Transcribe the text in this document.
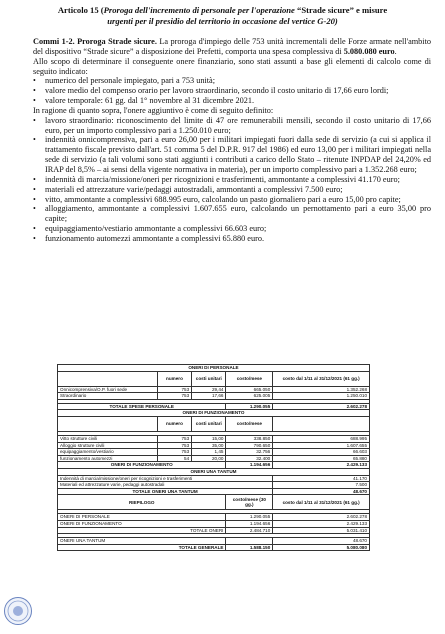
Articolo 15 (Proroga dell'incremento di personale per l'operazione “Strade sicure” e misure
urgenti per il presidio del territorio in occasione del vertice G-20)

Commi 1-2. Proroga Strade sicure. La proroga d'impiego delle 753 unità incrementali delle Forze armate nell'ambito del dispositivo “Strade sicure” a disposizione dei Prefetti, comporta una spesa complessiva di 5.080.080 euro.

Allo scopo di determinare il conseguente onere finanziario, sono stati assunti a base gli elementi di calcolo come di seguito indicato:

• numerico del personale impiegato, pari a 753 unità;
• valore medio del compenso orario per lavoro straordinario, secondo il costo unitario di 17,66 euro lordi;
• valore temporale: 61 gg. dal 1° novembre al 31 dicembre 2021.

In ragione di quanto sopra, l'onere aggiuntivo è come di seguito definito:

• lavoro straordinario: riconoscimento del limite di 47 ore remunerabili mensili, secondo il costo unitario di 17,66 euro, per un importo complessivo pari a 1.250.010 euro;
• indennità onnicomprensiva, pari a euro 26,00 per i militari impiegati fuori dalla sede di servizio (a cui si applica il trattamento fiscale previsto dall'art. 51 comma 5 del D.P.R. 917 del 1986) ed euro 13,00 per i militari impiegati nella sede di servizio (a tali volumi sono stati aggiunti i contributi a carico dello Stato – ritenute INPDAP del 24,20% ed IRAP del 8,5% – ai sensi della vigente normativa in materia), per un importo complessivo pari a 1.352.268 euro;
• indennità di marcia/missione/oneri per ricognizioni e trasferimenti, ammontante a complessivi 41.170 euro;
• materiali ed attrezzature varie/pedaggi autostradali, ammontanti a complessivi 7.500 euro;
• vitto, ammontante a complessivi 688.995 euro, calcolando un pasto giornaliero pari a euro 15,00 pro capite;
• alloggiamento, ammontante a complessivi 1.607.655 euro, calcolando un pernottamento pari a euro 35,00 pro capite;
• equipaggiamento/vestiario ammontante a complessivi 66.603 euro;
• funzionamento automezzi ammontante a complessivi 65.880 euro.
ONERI DI PERSONALE				
	numero	costi unitari	costo/mese	costo dal 1/11 al 31/12/2021 (61 gg.)
Onnicomprensiva/O.P. fuori sede	753	29,44	665.050	1.352.268
Straordinario	753	17,66	625.005	1.250.010

TOTALE SPESE PERSONALE			1.290.055	2.602.278
ONERI DI FUNZIONAMENTO				
	numero	costi unitari	costo/mese	

Vitto strutture civili	753	15,00	338.850	688.995
Alloggio strutture civili	753	35,00	790.650	1.607.655
equipaggiamento/vestiario	753	1,45	32.756	66.603
funzionamento automezzi	54	20,00	32.400	65.880
ONERI DI FUNZIONAMENTO			1.194.656	2.429.133
ONERI UNA TANTUM				
Indennità di marcia/missione/oneri per ricognizioni e trasferimenti				41.170
Materiali ed attrezzature varie, pedaggi autostradali				7.500
TOTALE ONERI UNA TANTUM				48.670
RIEPILOGO			costo/mese (30 gg.)	costo dal 1/11 al 31/12/2021 (61 gg.)

ONERI DI PERSONALE			1.290.055	2.602.278
ONERI DI FUNZIONAMENTO			1.194.656	2.429.133
TOTALE ONERI			2.484.710	5.031.410

ONERI UNA TANTUM				48.670
TOTALE GENERALE			1.588.150	5.080.080
